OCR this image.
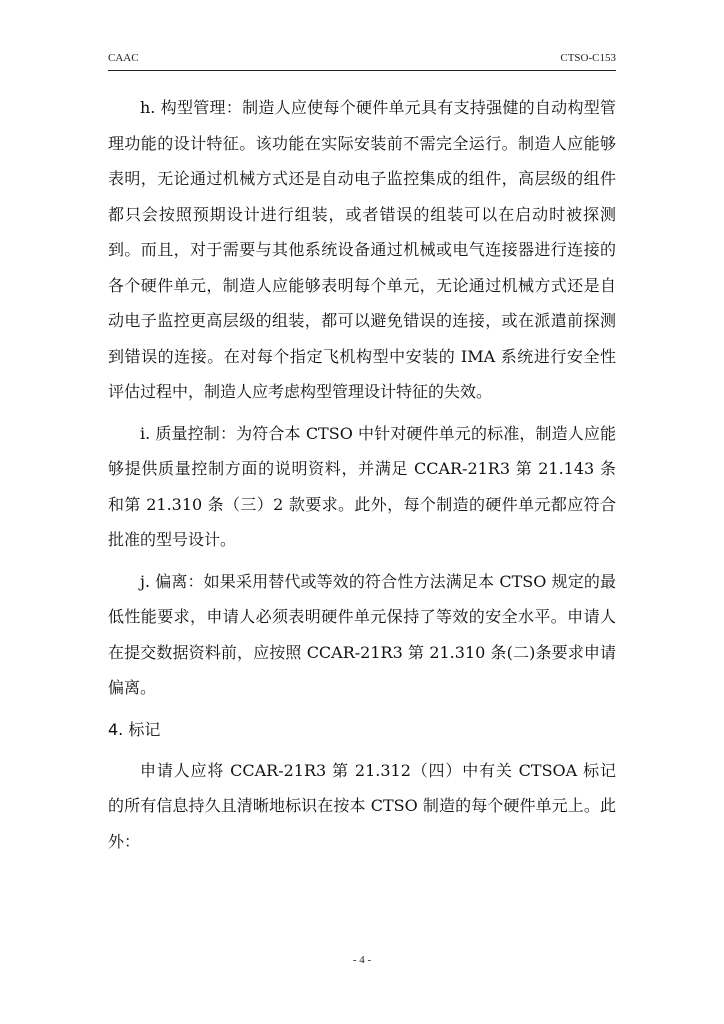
CAAC	CTSO-C153

h. 构型管理：制造人应使每个硬件单元具有支持强健的自动构型管理功能的设计特征。该功能在实际安装前不需完全运行。制造人应能够表明，无论通过机械方式还是自动电子监控集成的组件，高层级的组件都只会按照预期设计进行组装，或者错误的组装可以在启动时被探测到。而且，对于需要与其他系统设备通过机械或电气连接器进行连接的各个硬件单元，制造人应能够表明每个单元，无论通过机械方式还是自动电子监控更高层级的组装，都可以避免错误的连接，或在派遣前探测到错误的连接。在对每个指定飞机构型中安装的 IMA 系统进行安全性评估过程中，制造人应考虑构型管理设计特征的失效。

i. 质量控制：为符合本 CTSO 中针对硬件单元的标准，制造人应能够提供质量控制方面的说明资料，并满足 CCAR-21R3 第 21.143 条和第 21.310 条（三）2 款要求。此外，每个制造的硬件单元都应符合批准的型号设计。

j. 偏离：如果采用替代或等效的符合性方法满足本 CTSO 规定的最低性能要求，申请人必须表明硬件单元保持了等效的安全水平。申请人在提交数据资料前，应按照 CCAR-21R3 第 21.310 条(二)条要求申请偏离。

4. 标记

申请人应将 CCAR-21R3 第 21.312（四）中有关 CTSOA 标记的所有信息持久且清晰地标识在按本 CTSO 制造的每个硬件单元上。此外：

- 4 -
